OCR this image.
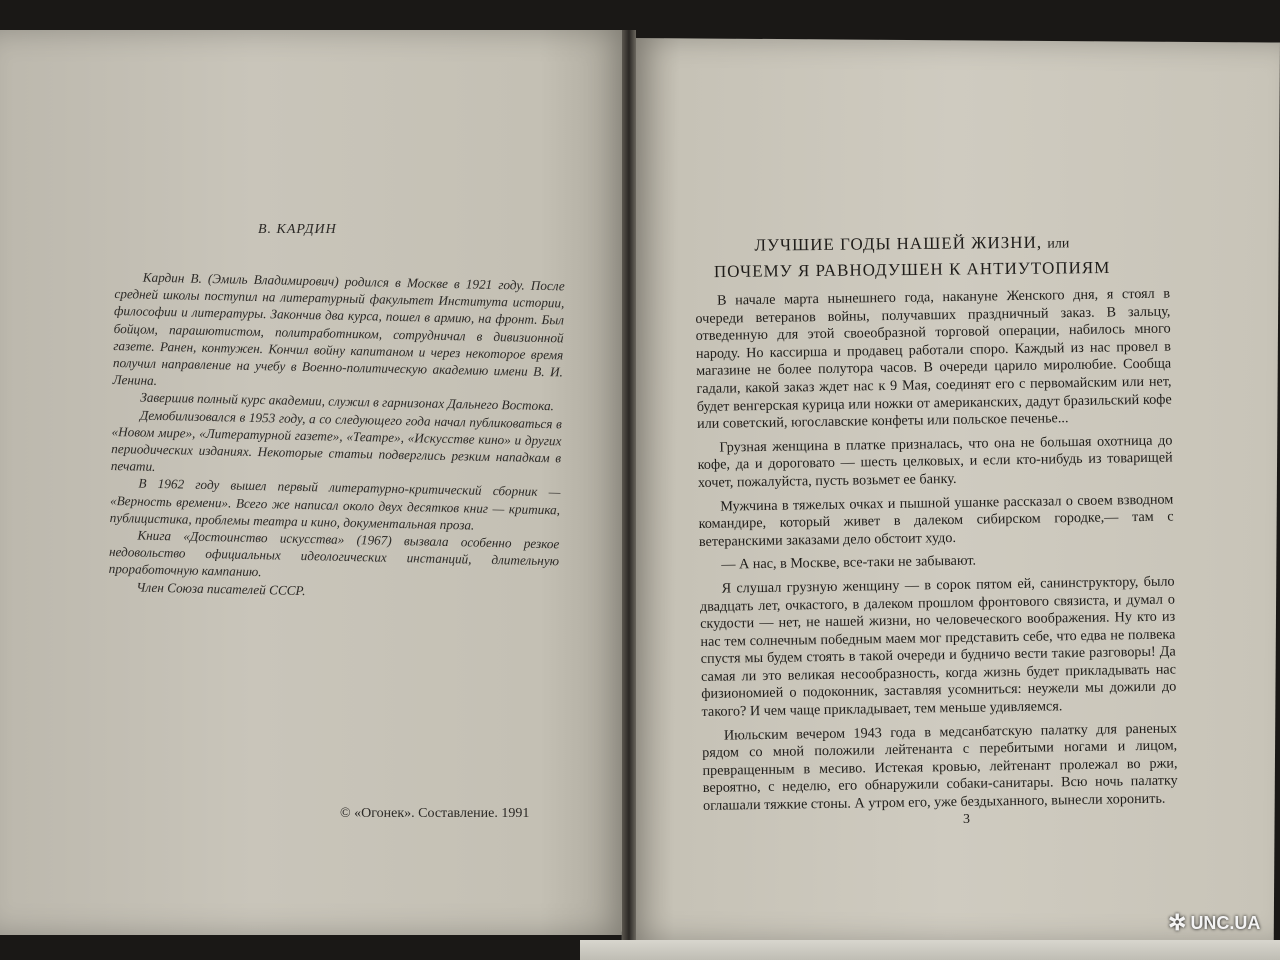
В. КАРДИН

Кардин В. (Эмиль Владимирович) родился в Москве в 1921 году. После средней школы поступил на литературный факультет Института истории, философии и литературы. Закончив два курса, пошел в армию, на фронт. Был бойцом, парашютистом, политработником, сотрудничал в дивизионной газете. Ранен, контужен. Кончил войну капитаном и через некоторое время получил направление на учебу в Военно-политическую академию имени В. И. Ленина.

Завершив полный курс академии, служил в гарнизонах Дальнего Востока.

Демобилизовался в 1953 году, а со следующего года начал публиковаться в «Новом мире», «Литературной газете», «Театре», «Искусстве кино» и других периодических изданиях. Некоторые статьи подверглись резким нападкам в печати.

В 1962 году вышел первый литературно-критический сборник — «Верность времени». Всего же написал около двух десятков книг — критика, публицистика, проблемы театра и кино, документальная проза.

Книга «Достоинство искусства» (1967) вызвала особенно резкое недовольство официальных идеологических инстанций, длительную проработочную кампанию.

Член Союза писателей СССР.

© «Огонек». Составление. 1991
ЛУЧШИЕ ГОДЫ НАШЕЙ ЖИЗНИ, или
ПОЧЕМУ Я РАВНОДУШЕН К АНТИУТОПИЯМ

В начале марта нынешнего года, накануне Женского дня, я стоял в очереди ветеранов войны, получавших праздничный заказ. В зальцу, отведенную для этой своеобразной торговой операции, набилось много народу. Но кассирша и продавец работали споро. Каждый из нас провел в магазине не более полутора часов. В очереди царило миролюбие. Сообща гадали, какой заказ ждет нас к 9 Мая, соединят его с первомайским или нет, будет венгерская курица или ножки от американских, дадут бразильский кофе или советский, югославские конфеты или польское печенье...

Грузная женщина в платке призналась, что она не большая охотница до кофе, да и дороговато — шесть целковых, и если кто-нибудь из товарищей хочет, пожалуйста, пусть возьмет ее банку.

Мужчина в тяжелых очках и пышной ушанке рассказал о своем взводном командире, который живет в далеком сибирском городке,— там с ветеранскими заказами дело обстоит худо.

— А нас, в Москве, все-таки не забывают.

Я слушал грузную женщину — в сорок пятом ей, санинструктору, было двадцать лет, очкастого, в далеком прошлом фронтового связиста, и думал о скудости — нет, не нашей жизни, но человеческого воображения. Ну кто из нас тем солнечным победным маем мог представить себе, что едва не полвека спустя мы будем стоять в такой очереди и будничо вести такие разговоры! Да самая ли это великая несообразность, когда жизнь будет прикладывать нас физиономией о подоконник, заставляя усомниться: неужели мы дожили до такого? И чем чаще прикладывает, тем меньше удивляемся.

Июльским вечером 1943 года в медсанбатскую палатку для раненых рядом со мной положили лейтенанта с перебитыми ногами и лицом, превращенным в месиво. Истекая кровью, лейтенант пролежал во ржи, вероятно, с неделю, его обнаружили собаки-санитары. Всю ночь палатку оглашали тяжкие стоны. А утром его, уже бездыханного, вынесли хоронить.

3
✲ UNC.UA
